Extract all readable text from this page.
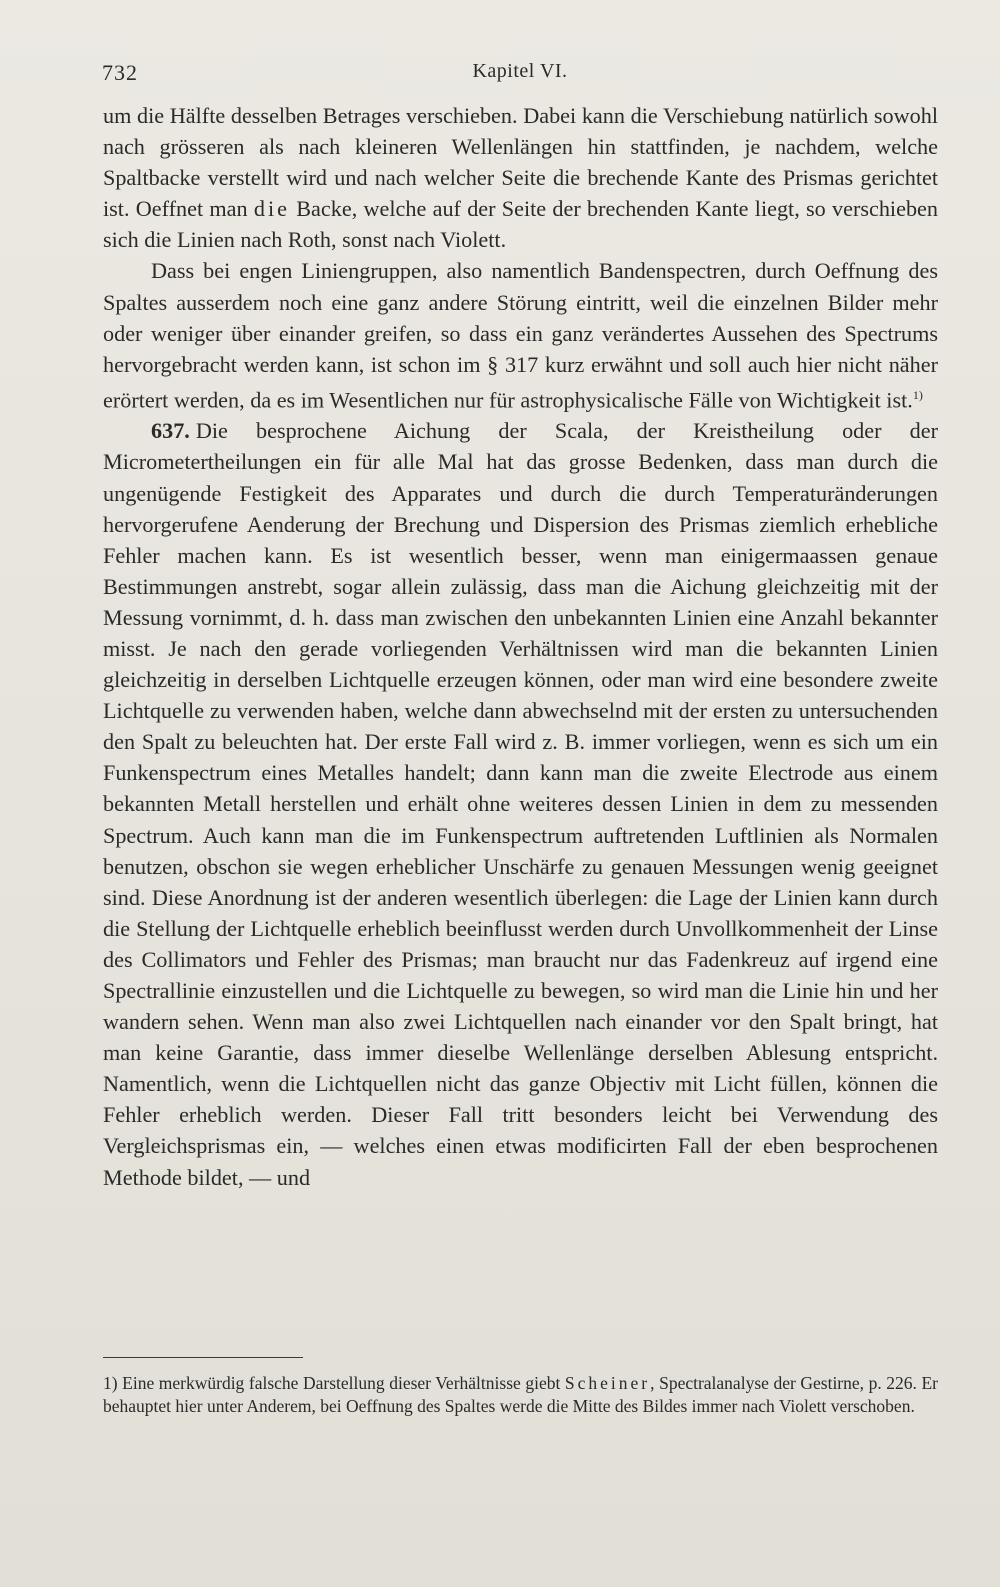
732	Kapitel VI.

um die Hälfte desselben Betrages verschieben. Dabei kann die Verschiebung natürlich sowohl nach grösseren als nach kleineren Wellenlängen hin stattfinden, je nachdem, welche Spaltbacke verstellt wird und nach welcher Seite die brechende Kante des Prismas gerichtet ist. Oeffnet man die Backe, welche auf der Seite der brechenden Kante liegt, so verschieben sich die Linien nach Roth, sonst nach Violett.

Dass bei engen Liniengruppen, also namentlich Bandenspectren, durch Oeffnung des Spaltes ausserdem noch eine ganz andere Störung eintritt, weil die einzelnen Bilder mehr oder weniger über einander greifen, so dass ein ganz verändertes Aussehen des Spectrums hervorgebracht werden kann, ist schon im § 317 kurz erwähnt und soll auch hier nicht näher erörtert werden, da es im Wesentlichen nur für astrophysicalische Fälle von Wichtigkeit ist.$^{1)}$

637. Die besprochene Aichung der Scala, der Kreistheilung oder der Micrometertheilungen ein für alle Mal hat das grosse Bedenken, dass man durch die ungenügende Festigkeit des Apparates und durch die durch Temperaturänderungen hervorgerufene Aenderung der Brechung und Dispersion des Prismas ziemlich erhebliche Fehler machen kann. Es ist wesentlich besser, wenn man einigermaassen genaue Bestimmungen anstrebt, sogar allein zulässig, dass man die Aichung gleichzeitig mit der Messung vornimmt, d. h. dass man zwischen den unbekannten Linien eine Anzahl bekannter misst. Je nach den gerade vorliegenden Verhältnissen wird man die bekannten Linien gleichzeitig in derselben Lichtquelle erzeugen können, oder man wird eine besondere zweite Lichtquelle zu verwenden haben, welche dann abwechselnd mit der ersten zu untersuchenden den Spalt zu beleuchten hat. Der erste Fall wird z. B. immer vorliegen, wenn es sich um ein Funkenspectrum eines Metalles handelt; dann kann man die zweite Electrode aus einem bekannten Metall herstellen und erhält ohne weiteres dessen Linien in dem zu messenden Spectrum. Auch kann man die im Funkenspectrum auftretenden Luftlinien als Normalen benutzen, obschon sie wegen erheblicher Unschärfe zu genauen Messungen wenig geeignet sind. Diese Anordnung ist der anderen wesentlich überlegen: die Lage der Linien kann durch die Stellung der Lichtquelle erheblich beeinflusst werden durch Unvollkommenheit der Linse des Collimators und Fehler des Prismas; man braucht nur das Fadenkreuz auf irgend eine Spectrallinie einzustellen und die Lichtquelle zu bewegen, so wird man die Linie hin und her wandern sehen. Wenn man also zwei Lichtquellen nach einander vor den Spalt bringt, hat man keine Garantie, dass immer dieselbe Wellenlänge derselben Ablesung entspricht. Namentlich, wenn die Lichtquellen nicht das ganze Objectiv mit Licht füllen, können die Fehler erheblich werden. Dieser Fall tritt besonders leicht bei Verwendung des Vergleichsprismas ein, — welches einen etwas modificirten Fall der eben besprochenen Methode bildet, — und

1) Eine merkwürdig falsche Darstellung dieser Verhältnisse giebt Scheiner, Spectralanalyse der Gestirne, p. 226. Er behauptet hier unter Anderem, bei Oeffnung des Spaltes werde die Mitte des Bildes immer nach Violett verschoben.
